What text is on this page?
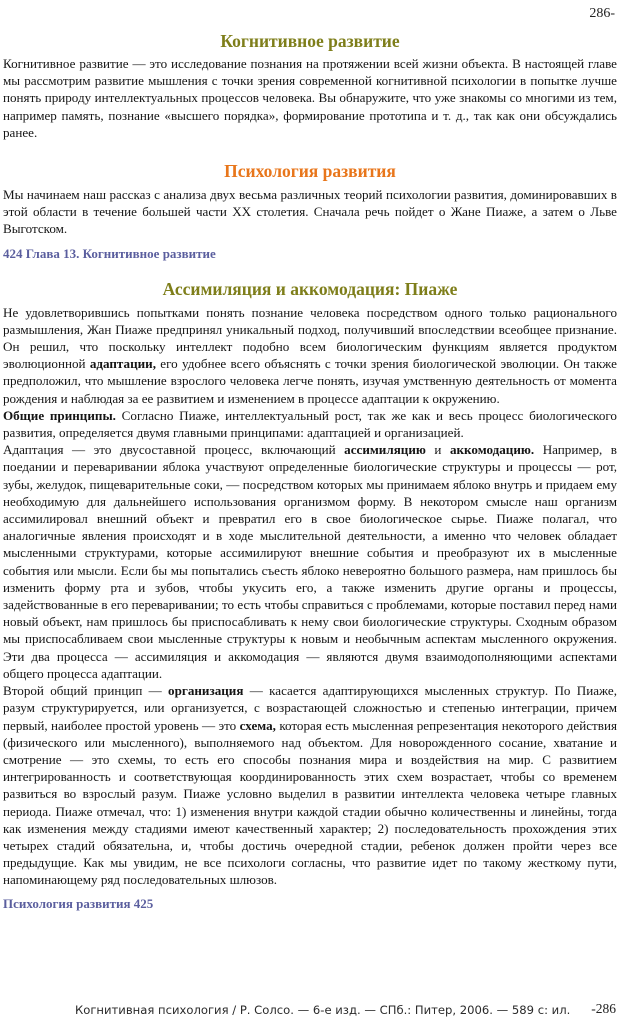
286-
Когнитивное развитие

Когнитивное развитие — это исследование познания на протяжении всей жизни объекта. В настоящей главе мы рассмотрим развитие мышления с точки зрения современной когнитивной психологии в попытке лучше понять природу интеллектуальных процессов человека. Вы обнаружите, что уже знакомы со многими из тем, например память, познание «высшего порядка», формирование прототипа и т. д., так как они обсуждались ранее.

Психология развития

Мы начинаем наш рассказ с анализа двух весьма различных теорий психологии развития, доминировавших в этой области в течение большей части XX столетия. Сначала речь пойдет о Жане Пиаже, а затем о Льве Выготском.

424 Глава 13. Когнитивное развитие
Ассимиляция и аккомодация: Пиаже

Не удовлетворившись попытками понять познание человека посредством одного только рационального размышления, Жан Пиаже предпринял уникальный подход, получивший впоследствии всеобщее признание. Он решил, что поскольку интеллект подобно всем биологическим функциям является продуктом эволюционной адаптации, его удобнее всего объяснять с точки зрения биологической эволюции. Он также предположил, что мышление взрослого человека легче понять, изучая умственную деятельность от момента рождения и наблюдая за ее развитием и изменением в процессе адаптации к окружению.

Общие принципы. Согласно Пиаже, интеллектуальный рост, так же как и весь процесс биологического развития, определяется двумя главными принципами: адаптацией и организацией.

Адаптация — это двусоставной процесс, включающий ассимиляцию и аккомодацию. Например, в поедании и переваривании яблока участвуют определенные биологические структуры и процессы — рот, зубы, желудок, пищеварительные соки, — посредством которых мы принимаем яблоко внутрь и придаем ему необходимую для дальнейшего использования организмом форму. В некотором смысле наш организм ассимилировал внешний объект и превратил его в свое биологическое сырье. Пиаже полагал, что аналогичные явления происходят и в ходе мыслительной деятельности, а именно что человек обладает мысленными структурами, которые ассимилируют внешние события и преобразуют их в мысленные события или мысли. Если бы мы попытались съесть яблоко невероятно большого размера, нам пришлось бы изменить форму рта и зубов, чтобы укусить его, а также изменить другие органы и процессы, задействованные в его переваривании; то есть чтобы справиться с проблемами, которые поставил перед нами новый объект, нам пришлось бы приспосабливать к нему свои биологические структуры. Сходным образом мы приспосабливаем свои мысленные структуры к новым и необычным аспектам мысленного окружения. Эти два процесса — ассимиляция и аккомодация — являются двумя взаимодополняющими аспектами общего процесса адаптации.

Второй общий принцип — организация — касается адаптирующихся мысленных структур. По Пиаже, разум структурируется, или организуется, с возрастающей сложностью и степенью интеграции, причем первый, наиболее простой уровень — это схема, которая есть мысленная репрезентация некоторого действия (физического или мысленного), выполняемого над объектом. Для новорожденного сосание, хватание и смотрение — это схемы, то есть его способы познания мира и воздействия на мир. С развитием интегрированность и соответствующая координированность этих схем возрастает, чтобы со временем развиться во взрослый разум. Пиаже условно выделил в развитии интеллекта человека четыре главных периода. Пиаже отмечал, что: 1) изменения внутри каждой стадии обычно количественны и линейны, тогда как изменения между стадиями имеют качественный характер; 2) последовательность прохождения этих четырех стадий обязательна, и, чтобы достичь очередной стадии, ребенок должен пройти через все предыдущие. Как мы увидим, не все психологи согласны, что развитие идет по такому жесткому пути, напоминающему ряд последовательных шлюзов.

Психология развития 425
Когнитивная психология / Р. Солсо. — 6-е изд. — СПб.: Питер, 2006. — 589 с: ил. -286
